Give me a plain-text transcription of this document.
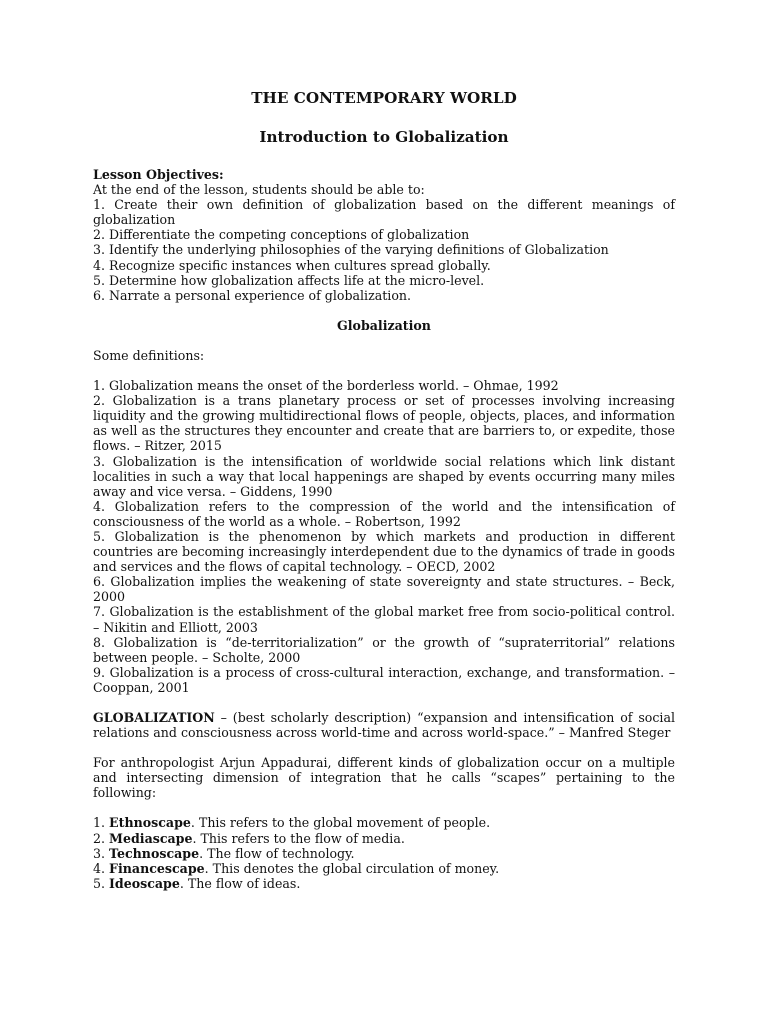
THE CONTEMPORARY WORLD
Introduction to Globalization
Lesson Objectives:
At the end of the lesson, students should be able to:
1. Create their own definition of globalization based on the different meanings of globalization
2. Differentiate the competing conceptions of globalization
3. Identify the underlying philosophies of the varying definitions of Globalization
4. Recognize specific instances when cultures spread globally.
5. Determine how globalization affects life at the micro-level.
6. Narrate a personal experience of globalization.
Globalization
Some definitions:
1. Globalization means the onset of the borderless world. – Ohmae, 1992
2. Globalization is a trans planetary process or set of processes involving increasing liquidity and the growing multidirectional flows of people, objects, places, and information as well as the structures they encounter and create that are barriers to, or expedite, those flows. – Ritzer, 2015
3. Globalization is the intensification of worldwide social relations which link distant localities in such a way that local happenings are shaped by events occurring many miles away and vice versa. – Giddens, 1990
4. Globalization refers to the compression of the world and the intensification of consciousness of the world as a whole. – Robertson, 1992
5. Globalization is the phenomenon by which markets and production in different countries are becoming increasingly interdependent due to the dynamics of trade in goods and services and the flows of capital technology. – OECD, 2002
6. Globalization implies the weakening of state sovereignty and state structures. – Beck, 2000
7. Globalization is the establishment of the global market free from socio-political control. – Nikitin and Elliott, 2003
8. Globalization is “de-territorialization” or the growth of “supraterritorial” relations between people. – Scholte, 2000
9. Globalization is a process of cross-cultural interaction, exchange, and transformation. –Cooppan, 2001
GLOBALIZATION – (best scholarly description) “expansion and intensification of social relations and consciousness across world-time and across world-space.” – Manfred Steger
For anthropologist Arjun Appadurai, different kinds of globalization occur on a multiple and intersecting dimension of integration that he calls “scapes” pertaining to the following:
1. Ethnoscape. This refers to the global movement of people.
2. Mediascape. This refers to the flow of media.
3. Technoscape. The flow of technology.
4. Financescape. This denotes the global circulation of money.
5. Ideoscape. The flow of ideas.
